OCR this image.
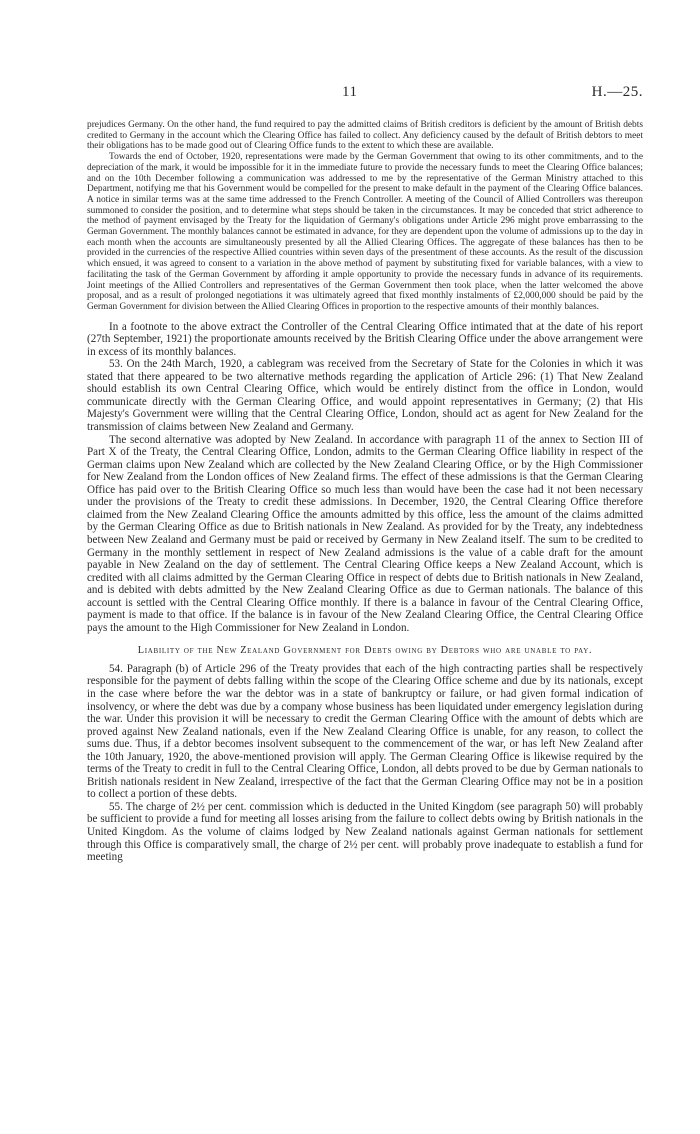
11	H.—25.

prejudices Germany. On the other hand, the fund required to pay the admitted claims of British creditors is deficient by the amount of British debts credited to Germany in the account which the Clearing Office has failed to collect. Any deficiency caused by the default of British debtors to meet their obligations has to be made good out of Clearing Office funds to the extent to which these are available.

Towards the end of October, 1920, representations were made by the German Government that owing to its other commitments, and to the depreciation of the mark, it would be impossible for it in the immediate future to provide the necessary funds to meet the Clearing Office balances; and on the 10th December following a communication was addressed to me by the representative of the German Ministry attached to this Department, notifying me that his Government would be compelled for the present to make default in the payment of the Clearing Office balances. A notice in similar terms was at the same time addressed to the French Controller. A meeting of the Council of Allied Controllers was thereupon summoned to consider the position, and to determine what steps should be taken in the circumstances. It may be conceded that strict adherence to the method of payment envisaged by the Treaty for the liquidation of Germany's obligations under Article 296 might prove embarrassing to the German Government. The monthly balances cannot be estimated in advance, for they are dependent upon the volume of admissions up to the day in each month when the accounts are simultaneously presented by all the Allied Clearing Offices. The aggregate of these balances has then to be provided in the currencies of the respective Allied countries within seven days of the presentment of these accounts. As the result of the discussion which ensued, it was agreed to consent to a variation in the above method of payment by substituting fixed for variable balances, with a view to facilitating the task of the German Government by affording it ample opportunity to provide the necessary funds in advance of its requirements. Joint meetings of the Allied Controllers and representatives of the German Government then took place, when the latter welcomed the above proposal, and as a result of prolonged negotiations it was ultimately agreed that fixed monthly instalments of £2,000,000 should be paid by the German Government for division between the Allied Clearing Offices in proportion to the respective amounts of their monthly balances.

In a footnote to the above extract the Controller of the Central Clearing Office intimated that at the date of his report (27th September, 1921) the proportionate amounts received by the British Clearing Office under the above arrangement were in excess of its monthly balances.

53. On the 24th March, 1920, a cablegram was received from the Secretary of State for the Colonies in which it was stated that there appeared to be two alternative methods regarding the application of Article 296: (1) That New Zealand should establish its own Central Clearing Office, which would be entirely distinct from the office in London, would communicate directly with the German Clearing Office, and would appoint representatives in Germany; (2) that His Majesty's Government were willing that the Central Clearing Office, London, should act as agent for New Zealand for the transmission of claims between New Zealand and Germany.

The second alternative was adopted by New Zealand. In accordance with paragraph 11 of the annex to Section III of Part X of the Treaty, the Central Clearing Office, London, admits to the German Clearing Office liability in respect of the German claims upon New Zealand which are collected by the New Zealand Clearing Office, or by the High Commissioner for New Zealand from the London offices of New Zealand firms. The effect of these admissions is that the German Clearing Office has paid over to the British Clearing Office so much less than would have been the case had it not been necessary under the provisions of the Treaty to credit these admissions. In December, 1920, the Central Clearing Office therefore claimed from the New Zealand Clearing Office the amounts admitted by this office, less the amount of the claims admitted by the German Clearing Office as due to British nationals in New Zealand. As provided for by the Treaty, any indebtedness between New Zealand and Germany must be paid or received by Germany in New Zealand itself. The sum to be credited to Germany in the monthly settlement in respect of New Zealand admissions is the value of a cable draft for the amount payable in New Zealand on the day of settlement. The Central Clearing Office keeps a New Zealand Account, which is credited with all claims admitted by the German Clearing Office in respect of debts due to British nationals in New Zealand, and is debited with debts admitted by the New Zealand Clearing Office as due to German nationals. The balance of this account is settled with the Central Clearing Office monthly. If there is a balance in favour of the Central Clearing Office, payment is made to that office. If the balance is in favour of the New Zealand Clearing Office, the Central Clearing Office pays the amount to the High Commissioner for New Zealand in London.

Liability of the New Zealand Government for Debts owing by Debtors who are unable to pay.

54. Paragraph (b) of Article 296 of the Treaty provides that each of the high contracting parties shall be respectively responsible for the payment of debts falling within the scope of the Clearing Office scheme and due by its nationals, except in the case where before the war the debtor was in a state of bankruptcy or failure, or had given formal indication of insolvency, or where the debt was due by a company whose business has been liquidated under emergency legislation during the war. Under this provision it will be necessary to credit the German Clearing Office with the amount of debts which are proved against New Zealand nationals, even if the New Zealand Clearing Office is unable, for any reason, to collect the sums due. Thus, if a debtor becomes insolvent subsequent to the commencement of the war, or has left New Zealand after the 10th January, 1920, the above-mentioned provision will apply. The German Clearing Office is likewise required by the terms of the Treaty to credit in full to the Central Clearing Office, London, all debts proved to be due by German nationals to British nationals resident in New Zealand, irrespective of the fact that the German Clearing Office may not be in a position to collect a portion of these debts.

55. The charge of 2½ per cent. commission which is deducted in the United Kingdom (see paragraph 50) will probably be sufficient to provide a fund for meeting all losses arising from the failure to collect debts owing by British nationals in the United Kingdom. As the volume of claims lodged by New Zealand nationals against German nationals for settlement through this Office is comparatively small, the charge of 2½ per cent. will probably prove inadequate to establish a fund for meeting
